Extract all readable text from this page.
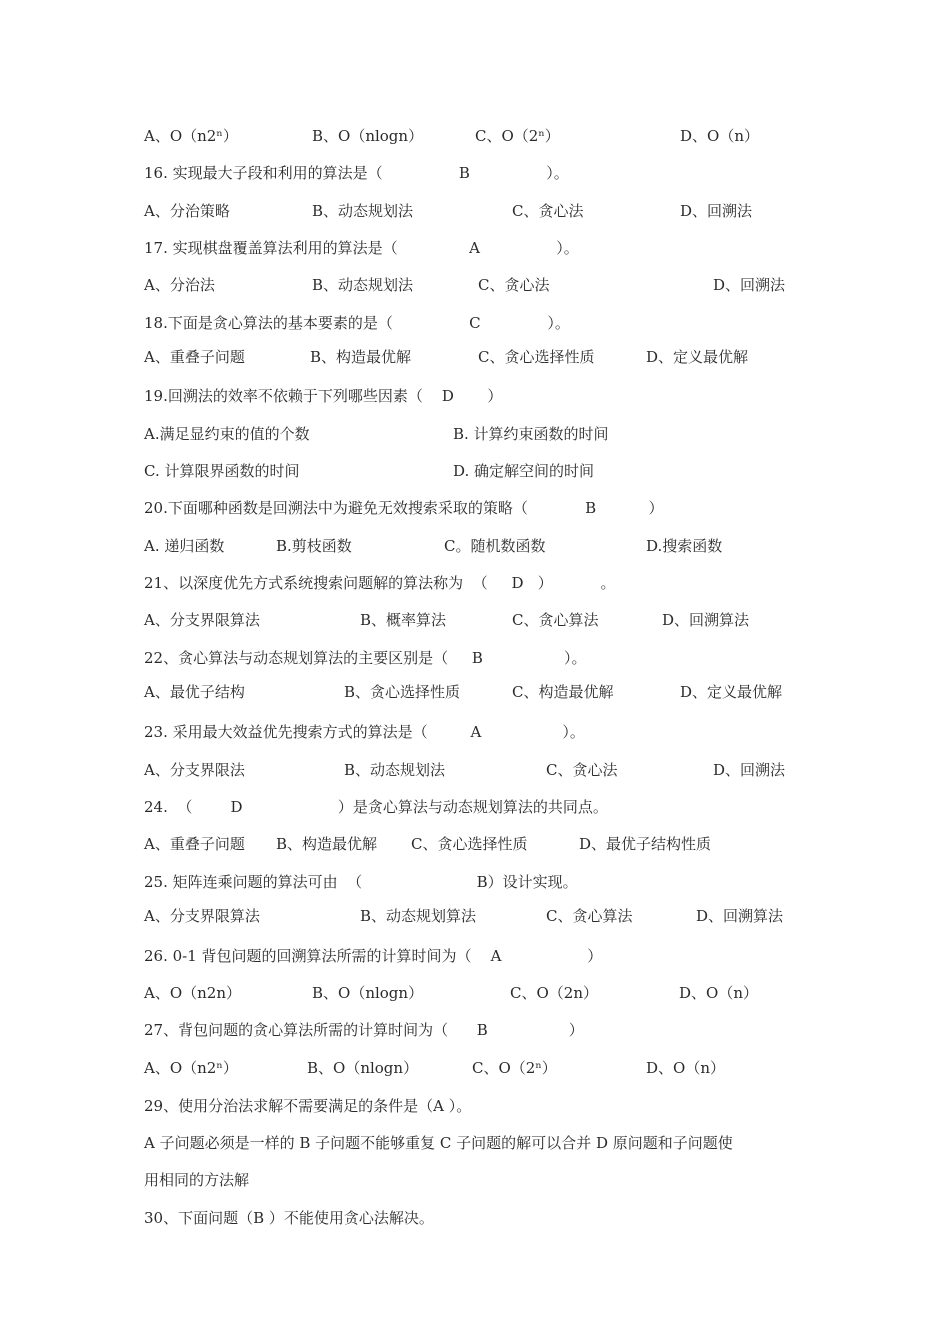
A、O（n2ⁿ）	B、O（nlogn）	C、O（2ⁿ）	D、O（n）
16. 实现最大子段和利用的算法是（                B                ）。
A、分治策略	B、动态规划法	C、贪心法	D、回溯法
17. 实现棋盘覆盖算法利用的算法是（               A                ）。
A、分治法	B、动态规划法	C、贪心法	D、回溯法
18.下面是贪心算法的基本要素的是（                C              ）。
A、重叠子问题	B、构造最优解	C、贪心选择性质	D、定义最优解
19.回溯法的效率不依赖于下列哪些因素（    D       ）
A.满足显约束的值的个数	B. 计算约束函数的时间
C. 计算限界函数的时间	D. 确定解空间的时间
20.下面哪种函数是回溯法中为避免无效搜索采取的策略（            B           ）
A. 递归函数	B.剪枝函数	C。随机数函数	D.搜索函数
21、以深度优先方式系统搜索问题解的算法称为  （     D   ）          。
A、分支界限算法	B、概率算法	C、贪心算法	D、回溯算法
22、贪心算法与动态规划算法的主要区别是（     B                 ）。
A、最优子结构	B、贪心选择性质	C、构造最优解	D、定义最优解
23. 采用最大效益优先搜索方式的算法是（         A                 ）。
A、分支界限法	B、动态规划法	C、贪心法	D、回溯法
24.  （        D                    ）是贪心算法与动态规划算法的共同点。
A、重叠子问题 B、构造最优解 C、贪心选择性质	D、最优子结构性质
25. 矩阵连乘问题的算法可由  （                        B）设计实现。
A、分支界限算法	B、动态规划算法	C、贪心算法	D、回溯算法
26. 0-1 背包问题的回溯算法所需的计算时间为（    A                  ）
A、O（n2n）	B、O（nlogn）	C、O（2n）	D、O（n）
27、背包问题的贪心算法所需的计算时间为（      B                 ）
A、O（n2ⁿ）	B、O（nlogn）	C、O（2ⁿ）	D、O（n）
29、使用分治法求解不需要满足的条件是（A ）。
A 子问题必须是一样的 B 子问题不能够重复 C 子问题的解可以合并 D 原问题和子问题使
用相同的方法解
30、下面问题（B ）不能使用贪心法解决。
